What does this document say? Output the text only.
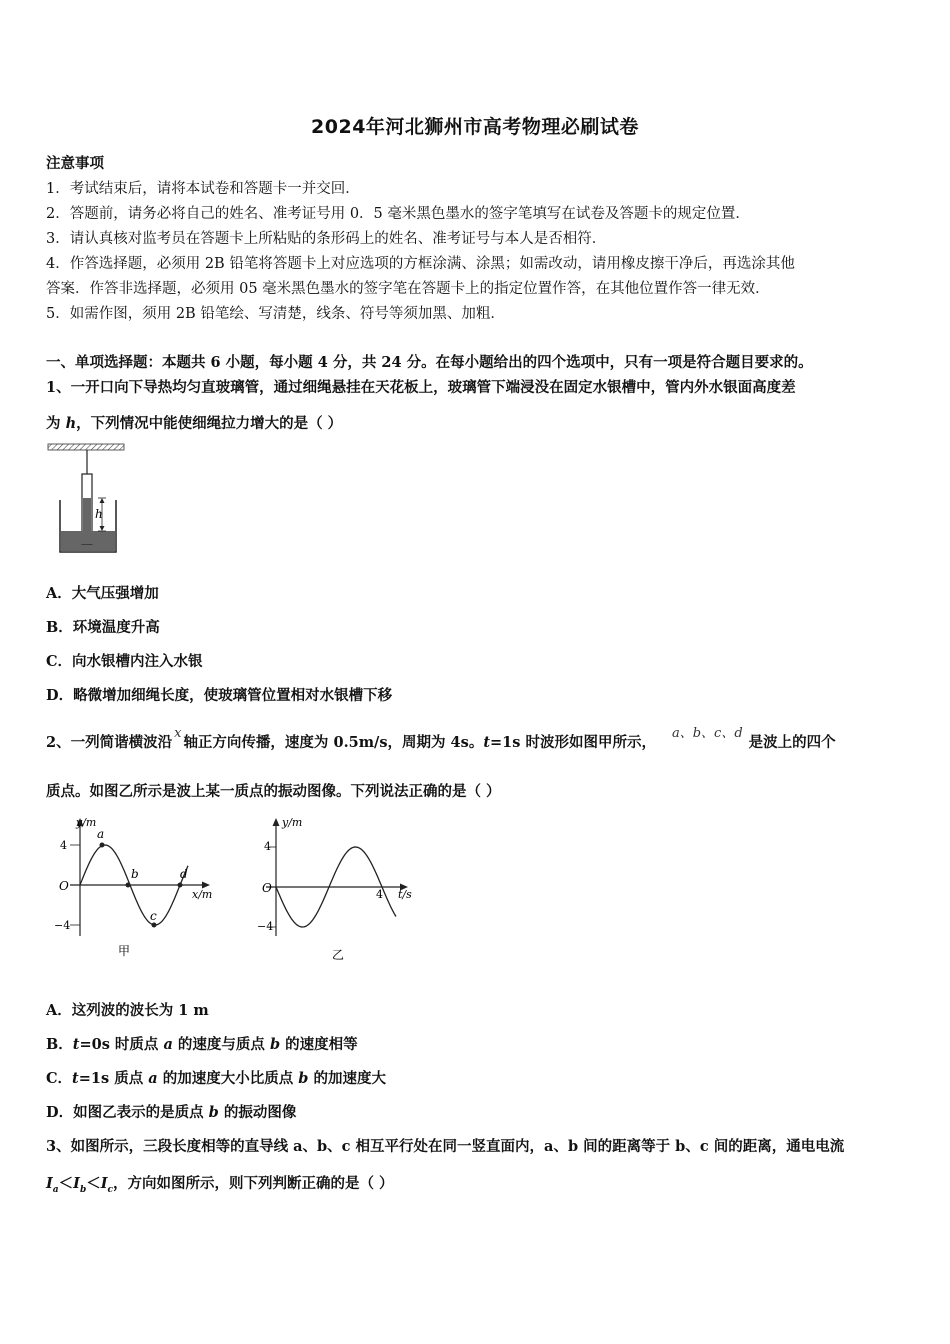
2024年河北狮州市高考物理必刷试卷
注意事项
1．考试结束后，请将本试卷和答题卡一并交回．
2．答题前，请务必将自己的姓名、准考证号用 0．5 毫米黑色墨水的签字笔填写在试卷及答题卡的规定位置．
3．请认真核对监考员在答题卡上所粘贴的条形码上的姓名、准考证号与本人是否相符．
4．作答选择题，必须用 2B 铅笔将答题卡上对应选项的方框涂满、涂黑；如需改动，请用橡皮擦干净后，再选涂其他
答案．作答非选择题，必须用 05 毫米黑色墨水的签字笔在答题卡上的指定位置作答，在其他位置作答一律无效．
5．如需作图，须用 2B 铅笔绘、写清楚，线条、符号等须加黑、加粗．
一、单项选择题：本题共 6 小题，每小题 4 分，共 24 分。在每小题给出的四个选项中，只有一项是符合题目要求的。
1、一开口向下导热均匀直玻璃管，通过细绳悬挂在天花板上，玻璃管下端浸没在固定水银槽中，管内外水银面高度差
为 h，下列情况中能使细绳拉力增大的是（ ）
h
A．大气压强增加
B．环境温度升高
C．向水银槽内注入水银
D．略微增加细绳长度，使玻璃管位置相对水银槽下移
2、一列简谐横波沿x轴正方向传播，速度为 0.5m/s，周期为 4s。t=1s 时波形如图甲所示，a、b、c、d是波上的四个
质点。如图乙所示是波上某一质点的振动图像。下列说法正确的是（ ）
y/m
x/m
4
−4
O
a
b
c
d
甲
y/m
t/s
4
−4
O	4
乙
A．这列波的波长为 1 m
B．t=0s 时质点 a 的速度与质点 b 的速度相等
C．t=1s 质点 a 的加速度大小比质点 b 的加速度大
D．如图乙表示的是质点 b 的振动图像
3、如图所示，三段长度相等的直导线 a、b、c 相互平行处在同一竖直面内，a、b 间的距离等于 b、c 间的距离，通电电流
$I_a<I_b<I_c$，方向如图所示，则下列判断正确的是（ ）
